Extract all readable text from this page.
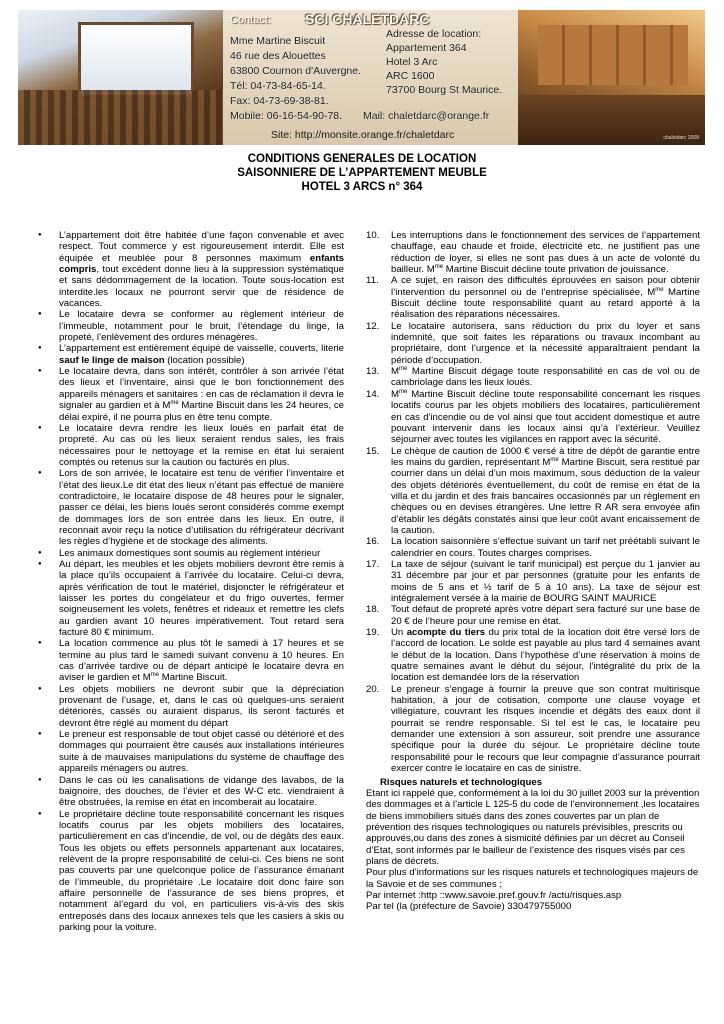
Contact: SCI CHALETDARC
Mme Martine Biscuit
46 rue des Alouettes
63800 Cournon d'Auvergne.
Tél: 04-73-84-65-14.
Fax: 04-73-69-38-81.
Mobile: 06-16-54-90-78.
Adresse de location:
Appartement 364
Hotel 3 Arc
ARC 1600
73700 Bourg St Maurice.
Mail: chaletdarc@orange.fr
Site: http://monsite.orange.fr/chaletdarc	chaletdarc 2008
CONDITIONS GENERALES DE LOCATION
SAISONNIERE DE L’APPARTEMENT MEUBLE
HOTEL 3 ARCS n° 364
● L’appartement doit être habitée d’une façon convenable et avec respect. Tout commerce y est rigoureusement interdit. Elle est équipée et meublée pour 8 personnes maximum enfants compris, tout excédent donne lieu à la suppression systématique et sans dédommagement de la location. Toute sous-location est interdite.les locaux ne pourront servir que de résidence de vacances.
● Le locataire devra se conformer au règlement intérieur de l’immeuble, notamment pour le bruit, l’étendage du linge, la propeté, l’enlèvement des ordures ménagères.
● L’appartement est entièrement équipé de vaisselle, couverts, literie sauf le linge de maison (location possible)
● Le locataire devra, dans son intérêt, contrôler à son arrivée l’état des lieux et l’inventaire, ainsi que le bon fonctionnement des appareils ménagers et sanitaires : en cas de réclamation il devra le signaler au gardien et à $M^{me}$ Martine Biscuit dans les 24 heures, ce délai expiré, il ne pourra plus en être tenu compte.
● Le locataire devra rendre les lieux loués en parfait état de propreté. Au cas où les lieux seraient rendus sales, les frais nécessaires pour le nettoyage et la remise en état lui seraient comptés ou retenus sur la caution ou facturés en plus.
● Lors de son arrivée, le locataire est tenu de vérifier l’inventaire et l’état des lieux.Le dit état des lieux n’étant pas effectué de manière contradictoire, le locataire dispose de 48 heures pour le signaler, passer ce délai, les biens loués seront considérés comme exempt de dommages lors de son entrée dans les lieux. En outre, il reconnait avoir reçu la notice d’utilisation du réfrigérateur décrivant les règles d’hygiène et de stockage des aliments.
● Les animaux domestiques sont soumis au règlement intérieur
● Au départ, les meubles et les objets mobiliers devront être remis à la place qu’ils occupaient à l’arrivée du locataire. Celui-ci devra, après vérification de tout le matériel, disjoncter le réfrigérateur et laisser les portes du congélateur et du frigo ouvertes, fermer soigneusement les volets, fenêtres et rideaux et remettre les clefs au gardien avant 10 heures impérativement. Tout retard sera facturé 80 € minimum.
● La location commence au plus tôt le samedi à 17 heures et se termine au plus tard le samedi suivant convenu à 10 heures. En cas d’arrivée tardive ou de départ anticipé le locataire devra en aviser le gardien et $M^{me}$ Martine Biscuit.
● Les objets mobiliers ne devront subir que la dépréciation provenant de l’usage, et, dans le cas où quelques-uns seraient détériorés, cassés ou auraient disparus, ils seront facturés et devront être réglé au moment du départ
● Le preneur est responsable de tout objet cassé ou détérioré et des dommages qui pourraient être causés aux installations intérieures suite à de mauvaises manipulations du système de chauffage des appareils ménagers ou autres.
● Dans le cas où les canalisations de vidange des lavabos, de la baignoire, des douches, de l’évier et des W-C etc. viendraient à être obstruées, la remise en état en incomberait au locataire.
● Le propriétaire décline toute responsabilité concernant les risques locatifs courus par les objets mobiliers des locataires, particulièrement en cas d’incendie, de vol, ou de dégâts des eaux. Tous les objets ou effets personnels appartenant aux locataires, relèvent de la propre responsabilité de celui-ci. Ces biens ne sont pas couverts par une quelconque police de l’assurance émanant de l’immeuble, du propriétaire .Le locataire doit donc faire son affaire personnelle de l’assurance de ses biens propres, et notamment àl’egard du vol, en particuliers vis-à-vis des skis entreposés dans des locaux annexes tels que les casiers à skis ou parking pour la voiture.
10. Les interruptions dans le fonctionnement des services de l’appartement chauffage, eau chaude et froide, électricité etc. ne justifient pas une réduction de loyer, si elles ne sont pas dues à un acte de volonté du bailleur. $M^{me}$ Martine Biscuit décline toute privation de jouissance.
11. A ce sujet, en raison des difficultés éprouvées en saison pour obtenir l’intervention du personnel ou de l’entreprise spécialisée, $M^{me}$ Martine Biscuit décline toute responsabilité quant au retard apporté à la réalisation des réparations nécessaires.
12. Le locataire autorisera, sans réduction du prix du loyer et sans indemnité, que soit faites les réparations ou travaux incombant au propriétaire, dont l’urgence et la nécessité apparaîtraient pendant la période d’occupation.
13. $M^{me}$ Martine Biscuit dégage toute responsabilité en cas de vol ou de cambriolage dans les lieux loués.
14. $M^{me}$ Martine Biscuit décline toute responsabilité concernant les risques locatifs courus par les objets mobiliers des locataires, particulièrement en cas d'incendie ou de vol ainsi que tout accident domestique et autre pouvant intervenir dans les locaux ainsi qu’à l’extérieur. Veuillez séjourner avec toutes les vigilances en rapport avec la sécurité.
15. Le chèque de caution de 1000 € versé à titre de dépôt de garantie entre les mains du gardien, représentant $M^{me}$ Martine Biscuit, sera restitué par courrier dans un délai d’un mois maximum, sous déduction de la valeur des objets détériorés éventuellement, du coût de remise en état de la villa et du jardin et des frais bancaires occasionnés par un règlement en chèques ou en devises étrangères. Une lettre R AR sera envoyée afin d’établir les dégâts constatés ainsi que leur coût avant encaissement de la caution.
16. La location saisonnière s’effectue suivant un tarif net préétabli suivant le calendrier en cours. Toutes charges comprises.
17. La taxe de séjour (suivant le tarif municipal) est perçue du 1 janvier au 31 décembre par jour et par personnes (gratuite pour les enfants de moins de 5 ans et ½ tarif de 5 à 10 ans). La taxe de séjour est intégralement versée à la mairie de BOURG SAINT MAURICE
18. Tout défaut de propreté après votre départ sera facturé sur une base de 20 € de l’heure pour une remise en état.
19. Un acompte du tiers du prix total de la location doit être versé lors de l’accord de location. Le solde est payable au plus tard 4 semaines avant le début de la location. Dans l’hypothèse d’une réservation à moins de quatre semaines avant le début du séjour, l’intégralité du prix de la location est demandée lors de la réservation
20. Le preneur s’engage à fournir la preuve que son contrat multirisque habitation, à jour de cotisation, comporte une clause voyage et villégiature, couvrant les risques incendie et dégâts des eaux dont il pourrait se rendre responsable. Si tel est le cas, le locataire peu demander une extension à son assureur, soit prendre une assurance spécifique pour la durée du séjour. Le propriétaire décline toute responsabilité pour le recours que leur compagnie d’assurance pourrait exercer contre le locataire en cas de sinistre.
Risques naturels et technologiques

Etant ici rappelé que, conformément à la loi du 30 juillet 2003 sur la prévention des dommages et à l’article L 125-5 du code de l’environnement ,les locataires de biens immobiliers situés dans des zones couvertes par un plan de prévention des risques technologiques ou naturels prévisibles, prescrits ou approuvés,ou dans des zones à sismicité définies par un décret au Conseil d’Etat, sont informés par le bailleur de l’existence des risques visés par ces plans de décrets.

Pour plus d’informations sur les risques naturels et technologiques majeurs de la Savoie et de ses communes ;

Par internet :http ::www.savoie.pref.gouv.fr /actu/risques.asp

Par tel (la (préfecture de Savoie) 330479755000
